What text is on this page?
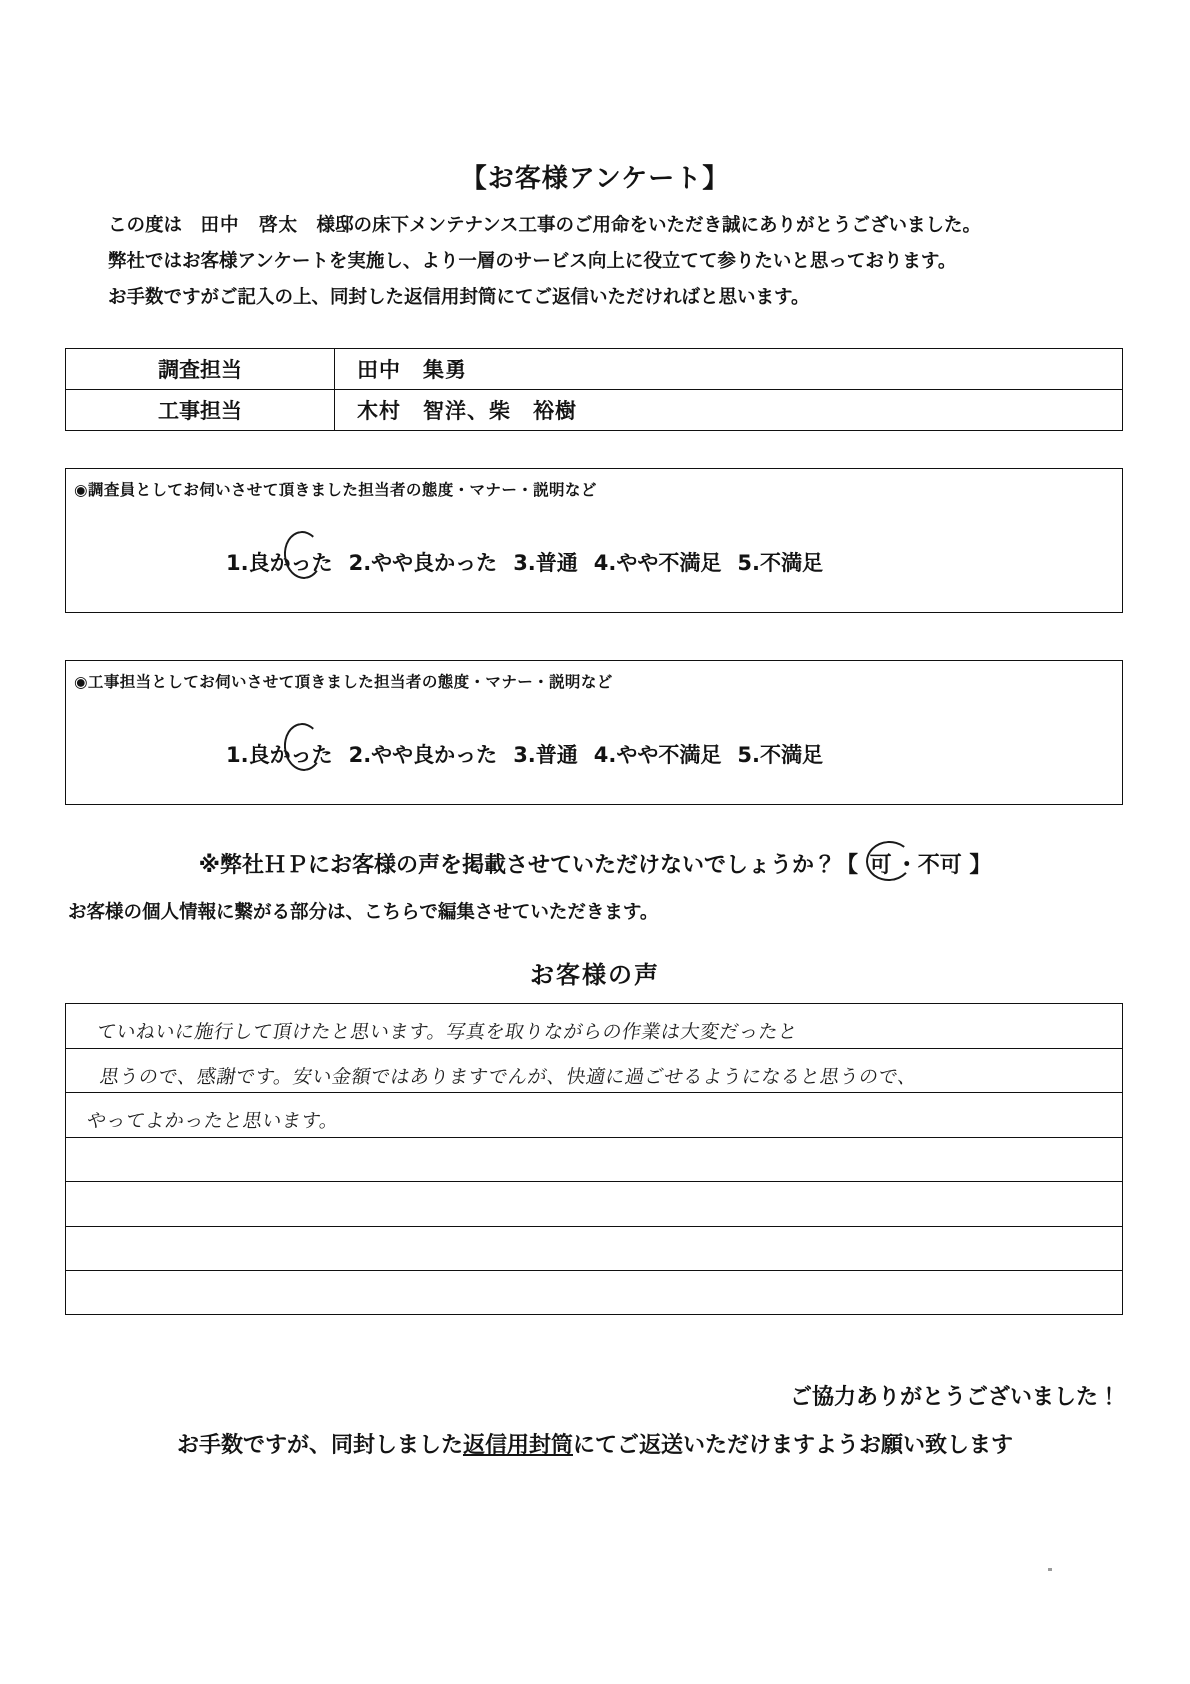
【お客様アンケート】
この度は　田中　啓太　様邸の床下メンテナンス工事のご用命をいただき誠にありがとうございました。
弊社ではお客様アンケートを実施し、より一層のサービス向上に役立てて参りたいと思っております。
お手数ですがご記入の上、同封した返信用封筒にてご返信いただければと思います。
調査担当	田中　集勇
工事担当	木村　智洋、柴　裕樹
◉調査員としてお伺いさせて頂きました担当者の態度・マナー・説明など
1.良かった 2.やや良かった 3.普通 4.やや不満足 5.不満足
◉工事担当としてお伺いさせて頂きました担当者の態度・マナー・説明など
1.良かった 2.やや良かった 3.普通 4.やや不満足 5.不満足
※弊社ＨＰにお客様の声を掲載させていただけないでしょうか？【 可 ・不可 】
お客様の個人情報に繋がる部分は、こちらで編集させていただきます。
お客様の声
ていねいに施行して頂けたと思います。写真を取りながらの作業は大変だったと
思うので、感謝です。安い金額ではありますでんが、快適に過ごせるようになると思うので、
やってよかったと思います。
ご協力ありがとうございました！
お手数ですが、同封しました返信用封筒にてご返送いただけますようお願い致します
